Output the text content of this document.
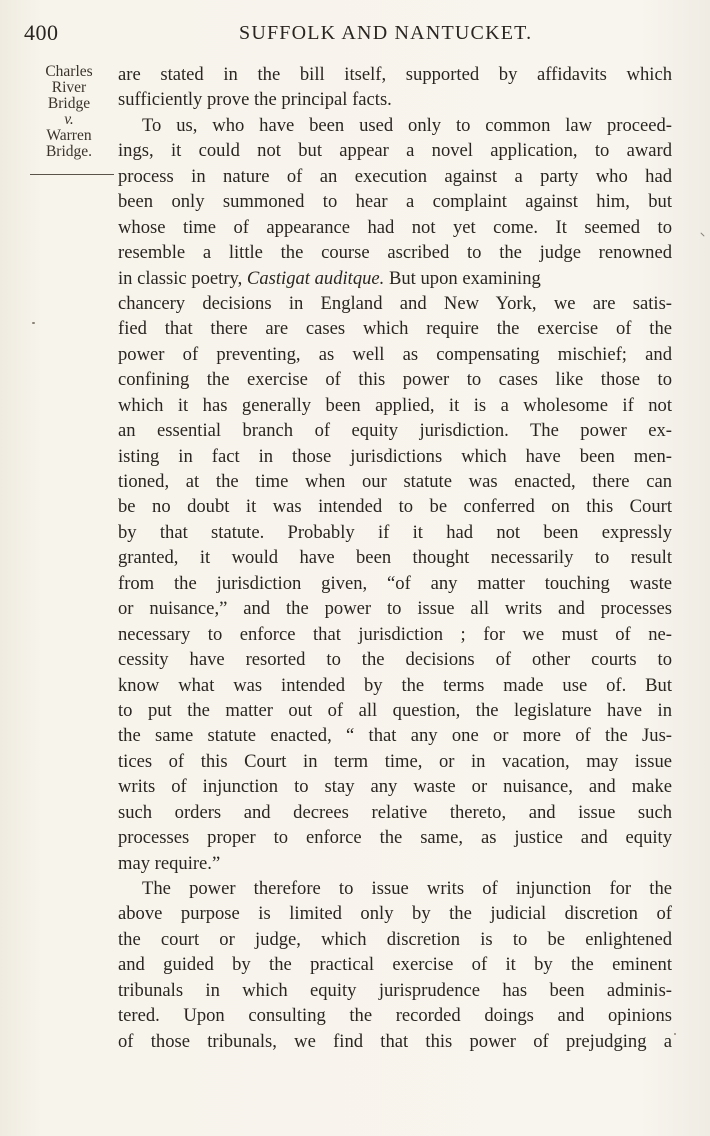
400	SUFFOLK AND NANTUCKET.
Charles
River
Bridge
v.
Warren
Bridge.
are stated in the bill itself, supported by affidavits which
sufficiently prove the principal facts.
To us, who have been used only to common law proceed-
ings, it could not but appear a novel application, to award
process in nature of an execution against a party who had
been only summoned to hear a complaint against him, but
whose time of appearance had not yet come. It seemed to
resemble a little the course ascribed to the judge renowned
in classic poetry, Castigat auditque. But upon examining
chancery decisions in England and New York, we are satis-
fied that there are cases which require the exercise of the
power of preventing, as well as compensating mischief; and
confining the exercise of this power to cases like those to
which it has generally been applied, it is a wholesome if not
an essential branch of equity jurisdiction. The power ex-
isting in fact in those jurisdictions which have been men-
tioned, at the time when our statute was enacted, there can
be no doubt it was intended to be conferred on this Court
by that statute. Probably if it had not been expressly
granted, it would have been thought necessarily to result
from the jurisdiction given, “of any matter touching waste
or nuisance,” and the power to issue all writs and processes
necessary to enforce that jurisdiction ; for we must of ne-
cessity have resorted to the decisions of other courts to
know what was intended by the terms made use of. But
to put the matter out of all question, the legislature have in
the same statute enacted, “ that any one or more of the Jus-
tices of this Court in term time, or in vacation, may issue
writs of injunction to stay any waste or nuisance, and make
such orders and decrees relative thereto, and issue such
processes proper to enforce the same, as justice and equity
may require.”
The power therefore to issue writs of injunction for the
above purpose is limited only by the judicial discretion of
the court or judge, which discretion is to be enlightened
and guided by the practical exercise of it by the eminent
tribunals in which equity jurisprudence has been adminis-
tered. Upon consulting the recorded doings and opinions
of those tribunals, we find that this power of prejudging a
